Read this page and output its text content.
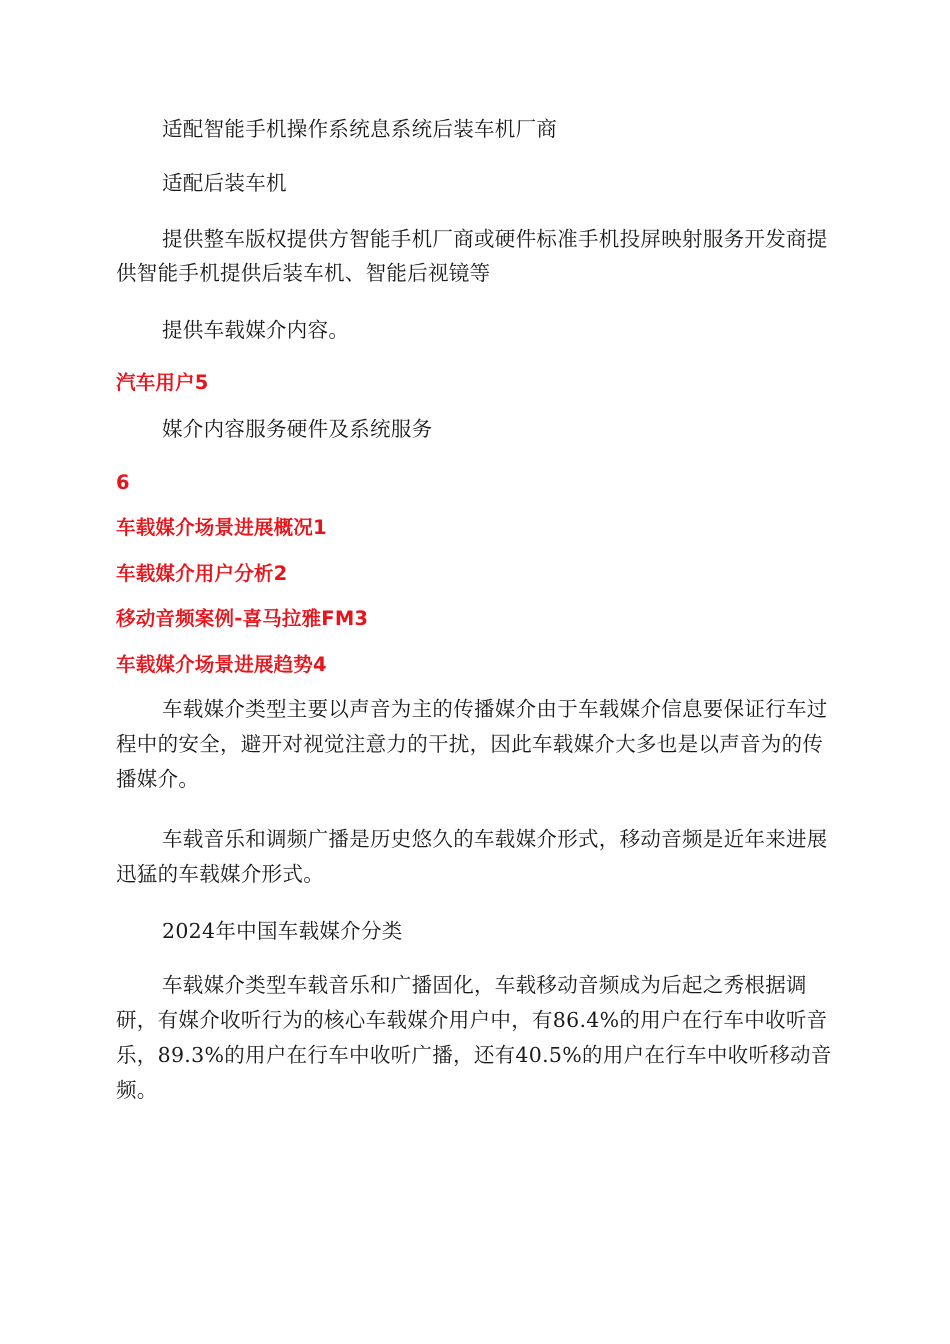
适配智能手机操作系统息系统后装车机厂商

适配后装车机

提供整车版权提供方智能手机厂商或硬件标准手机投屏映射服务开发商提供智能手机提供后装车机、智能后视镜等

提供车载媒介内容。

汽车用户5

媒介内容服务硬件及系统服务

6
车载媒介场景进展概况1
车载媒介用户分析2
移动音频案例-喜马拉雅FM3
车载媒介场景进展趋势4

车载媒介类型主要以声音为主的传播媒介由于车载媒介信息要保证行车过程中的安全，避开对视觉注意力的干扰，因此车载媒介大多也是以声音为的传播媒介。

车载音乐和调频广播是历史悠久的车载媒介形式，移动音频是近年来进展迅猛的车载媒介形式。

2024年中国车载媒介分类

车载媒介类型车载音乐和广播固化，车载移动音频成为后起之秀根据调研，有媒介收听行为的核心车载媒介用户中，有86.4%的用户在行车中收听音乐，89.3%的用户在行车中收听广播，还有40.5%的用户在行车中收听移动音频。
